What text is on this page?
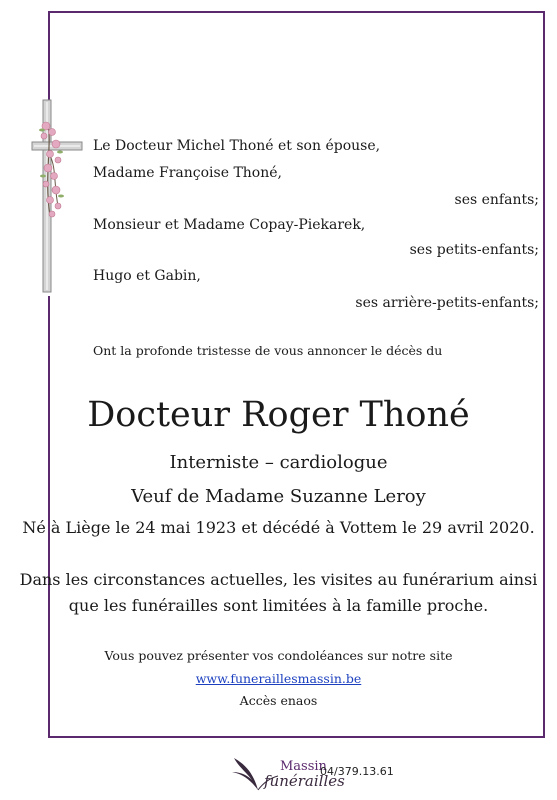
Le Docteur Michel Thoné et son épouse,
Madame Françoise Thoné,
ses enfants;
Monsieur et Madame Copay-Piekarek,
ses petits-enfants;
Hugo et Gabin,
ses arrière-petits-enfants;
Ont la profonde tristesse de vous annoncer le décès du
Docteur Roger Thoné
Interniste – cardiologue
Veuf de Madame Suzanne Leroy
Né à Liège le 24 mai 1923 et décédé à Vottem le 29 avril 2020.
Dans les circonstances actuelles, les visites au funérarium ainsi
que les funérailles sont limitées à la famille proche.
Vous pouvez présenter vos condoléances sur notre site
www.funeraillesmassin.be
Accès enaos
Massin
funérailles
04/379.13.61
